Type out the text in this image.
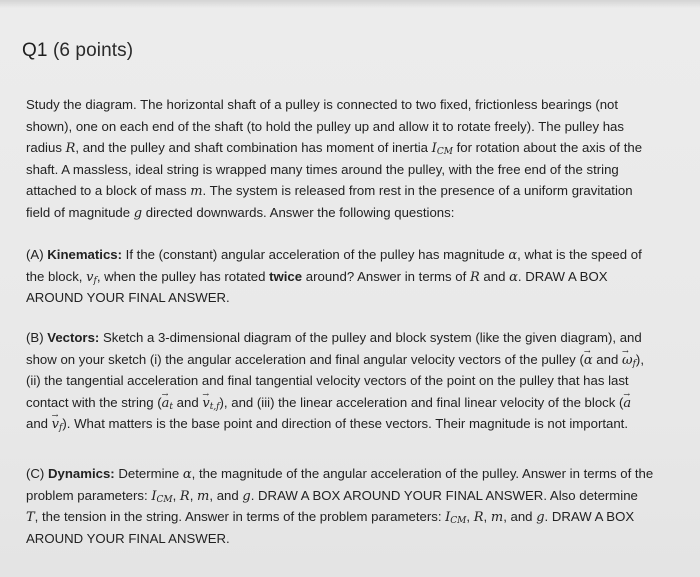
Q1 (6 points)
Study the diagram. The horizontal shaft of a pulley is connected to two fixed, frictionless bearings (not
shown), one on each end of the shaft (to hold the pulley up and allow it to rotate freely). The pulley has
radius R, and the pulley and shaft combination has moment of inertia $I_{CM}$ for rotation about the axis of the
shaft. A massless, ideal string is wrapped many times around the pulley, with the free end of the string
attached to a block of mass m. The system is released from rest in the presence of a uniform gravitation
field of magnitude g directed downwards. Answer the following questions:
(A) Kinematics: If the (constant) angular acceleration of the pulley has magnitude α, what is the speed of
the block, $v_f$, when the pulley has rotated twice around? Answer in terms of R and α. DRAW A BOX
AROUND YOUR FINAL ANSWER.
(B) Vectors: Sketch a 3-dimensional diagram of the pulley and block system (like the given diagram), and
show on your sketch (i) the angular acceleration and final angular velocity vectors of the pulley (→ α and → $\omega_f$),
(ii) the tangential acceleration and final tangential velocity vectors of the point on the pulley that has last
contact with the string (→ $a_t$ and → $v_{t,f}$), and (iii) the linear acceleration and final linear velocity of the block (→ a
and → $v_f$). What matters is the base point and direction of these vectors. Their magnitude is not important.
(C) Dynamics: Determine α, the magnitude of the angular acceleration of the pulley. Answer in terms of the
problem parameters: $I_{CM}$, R, m, and g. DRAW A BOX AROUND YOUR FINAL ANSWER. Also determine
T, the tension in the string. Answer in terms of the problem parameters: $I_{CM}$, R, m, and g. DRAW A BOX
AROUND YOUR FINAL ANSWER.
